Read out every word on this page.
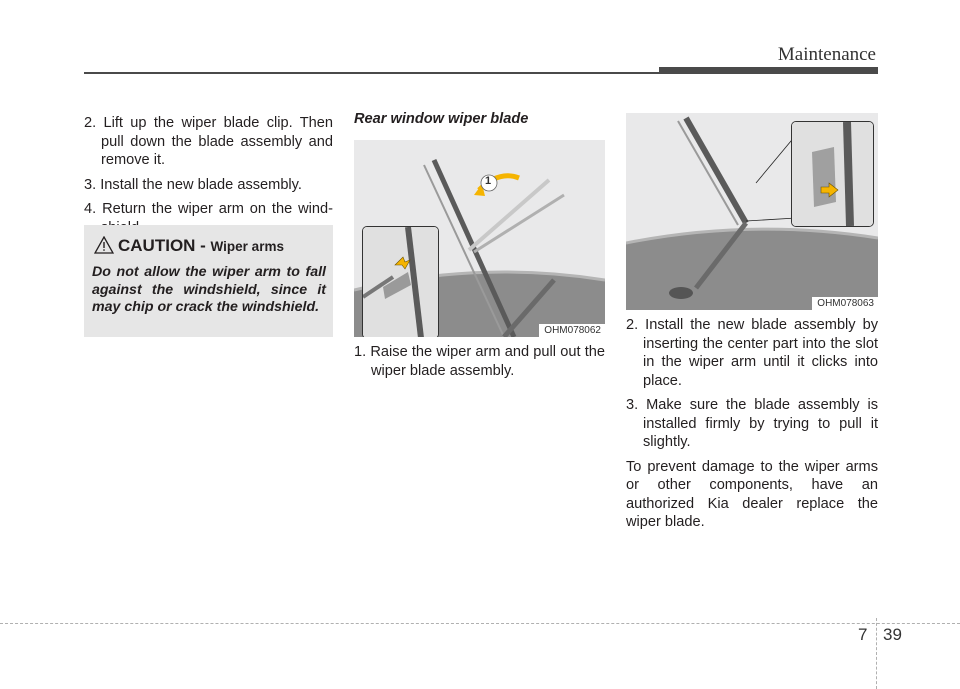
Maintenance

2. Lift up the wiper blade clip. Then pull down the blade assembly and remove it.

3. Install the new blade assembly.

4. Return the wiper arm on the wind-

CAUTION - Wiper arms
Do not allow the wiper arm to fall against the windshield, since it may chip or crack the windshield.
Rear window wiper blade
1
OHM078062

1. Raise the wiper arm and pull out the wiper blade assembly.

OHM078063

2. Install the new blade assembly by inserting the center part into the slot in the wiper arm until it clicks into place.

3. Make sure the blade assembly is installed firmly by trying to pull it slightly.

To prevent damage to the wiper arms or other components, have an authorized Kia dealer replace the wiper blade.

7 39
